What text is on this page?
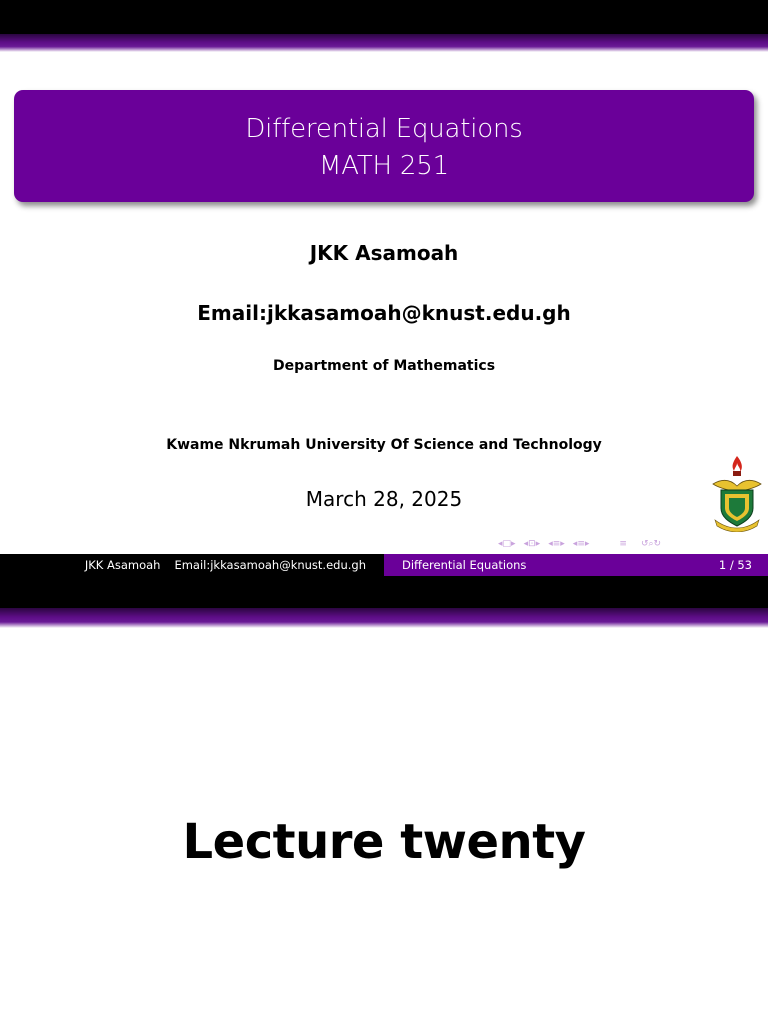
Differential Equations
MATH 251
JKK Asamoah
Email:jkkasamoah@knust.edu.gh
Department of Mathematics
Kwame Nkrumah University Of Science and Technology
March 28, 2025
◂ □ ▸ ◂ ⊡ ▸ ◂ ≡ ▸ ◂ ≡ ▸	≡ ↺ ⌕ ↻
JKK Asamoah Email:jkkasamoah@knust.edu.gh	Differential Equations	1 / 53
Lecture twenty
